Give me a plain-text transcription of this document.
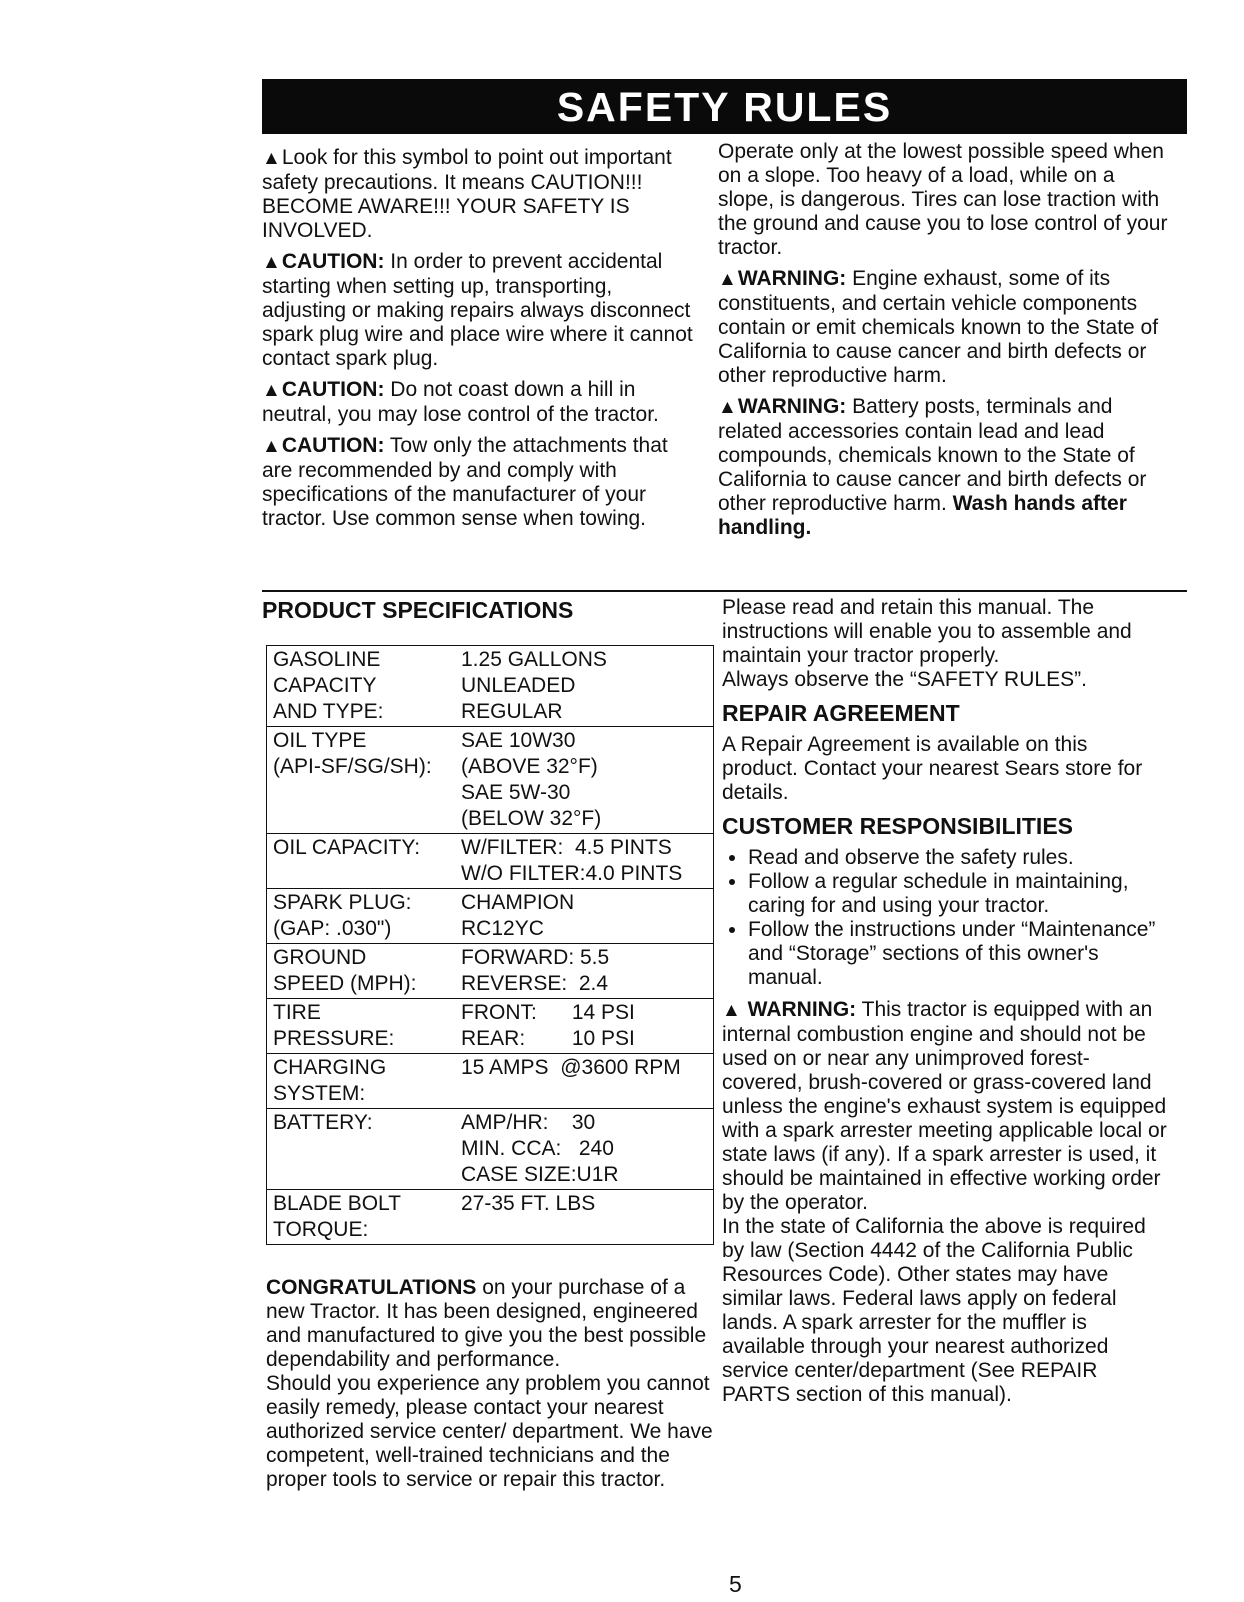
SAFETY RULES

▲Look for this symbol to point out important safety precautions. It means CAUTION!!! BECOME AWARE!!! YOUR SAFETY IS INVOLVED.

▲CAUTION: In order to prevent accidental starting when setting up, transporting, adjusting or making repairs always disconnect spark plug wire and place wire where it cannot contact spark plug.

▲CAUTION: Do not coast down a hill in neutral, you may lose control of the tractor.

▲CAUTION: Tow only the attachments that are recommended by and comply with specifications of the manufacturer of your tractor. Use common sense when towing.

Operate only at the lowest possible speed when on a slope. Too heavy of a load, while on a slope, is dangerous. Tires can lose traction with the ground and cause you to lose control of your tractor.

▲WARNING: Engine exhaust, some of its constituents, and certain vehicle components contain or emit chemicals known to the State of California to cause cancer and birth defects or other reproductive harm.

▲WARNING: Battery posts, terminals and related accessories contain lead and lead compounds, chemicals known to the State of California to cause cancer and birth defects or other reproductive harm. Wash hands after handling.

PRODUCT SPECIFICATIONS
GASOLINE
CAPACITY
AND TYPE:	1.25 GALLONS
UNLEADED
REGULAR

OIL TYPE
(API-SF/SG/SH):	SAE 10W30
(ABOVE 32°F)
SAE 5W-30
(BELOW 32°F)

OIL CAPACITY:	W/FILTER:  4.5 PINTS
W/O FILTER:4.0 PINTS

SPARK PLUG:
(GAP: .030")	CHAMPION
RC12YC

GROUND
SPEED (MPH):	FORWARD: 5.5
REVERSE:  2.4

TIRE
PRESSURE:	FRONT:      14 PSI
REAR:        10 PSI

CHARGING
SYSTEM:	15 AMPS  @3600 RPM

BATTERY:	AMP/HR:    30
MIN. CCA:   240
CASE SIZE:U1R

BLADE BOLT
TORQUE:	27-35 FT. LBS

CONGRATULATIONS on your purchase of a new Tractor. It has been designed, engineered and manufactured to give you the best possible dependability and performance.

Should you experience any problem you cannot easily remedy, please contact your nearest authorized service center/ department. We have competent, well-trained technicians and the proper tools to service or repair this tractor.

Please read and retain this manual. The instructions will enable you to assemble and maintain your tractor properly.

Always observe the “SAFETY RULES”.

REPAIR AGREEMENT

A Repair Agreement is available on this product. Contact your nearest Sears store for details.

CUSTOMER RESPONSIBILITIES
• Read and observe the safety rules.
• Follow a regular schedule in maintaining, caring for and using your tractor.
• Follow the instructions under “Maintenance” and “Storage” sections of this owner's manual.

▲ WARNING: This tractor is equipped with an internal combustion engine and should not be used on or near any unimproved forest-covered, brush-covered or grass-covered land unless the engine's exhaust system is equipped with a spark arrester meeting applicable local or state laws (if any). If a spark arrester is used, it should be maintained in effective working order by the operator.

In the state of California the above is required by law (Section 4442 of the California Public Resources Code). Other states may have similar laws. Federal laws apply on federal lands. A spark arrester for the muffler is available through your nearest authorized service center/department (See REPAIR PARTS section of this manual).

5
